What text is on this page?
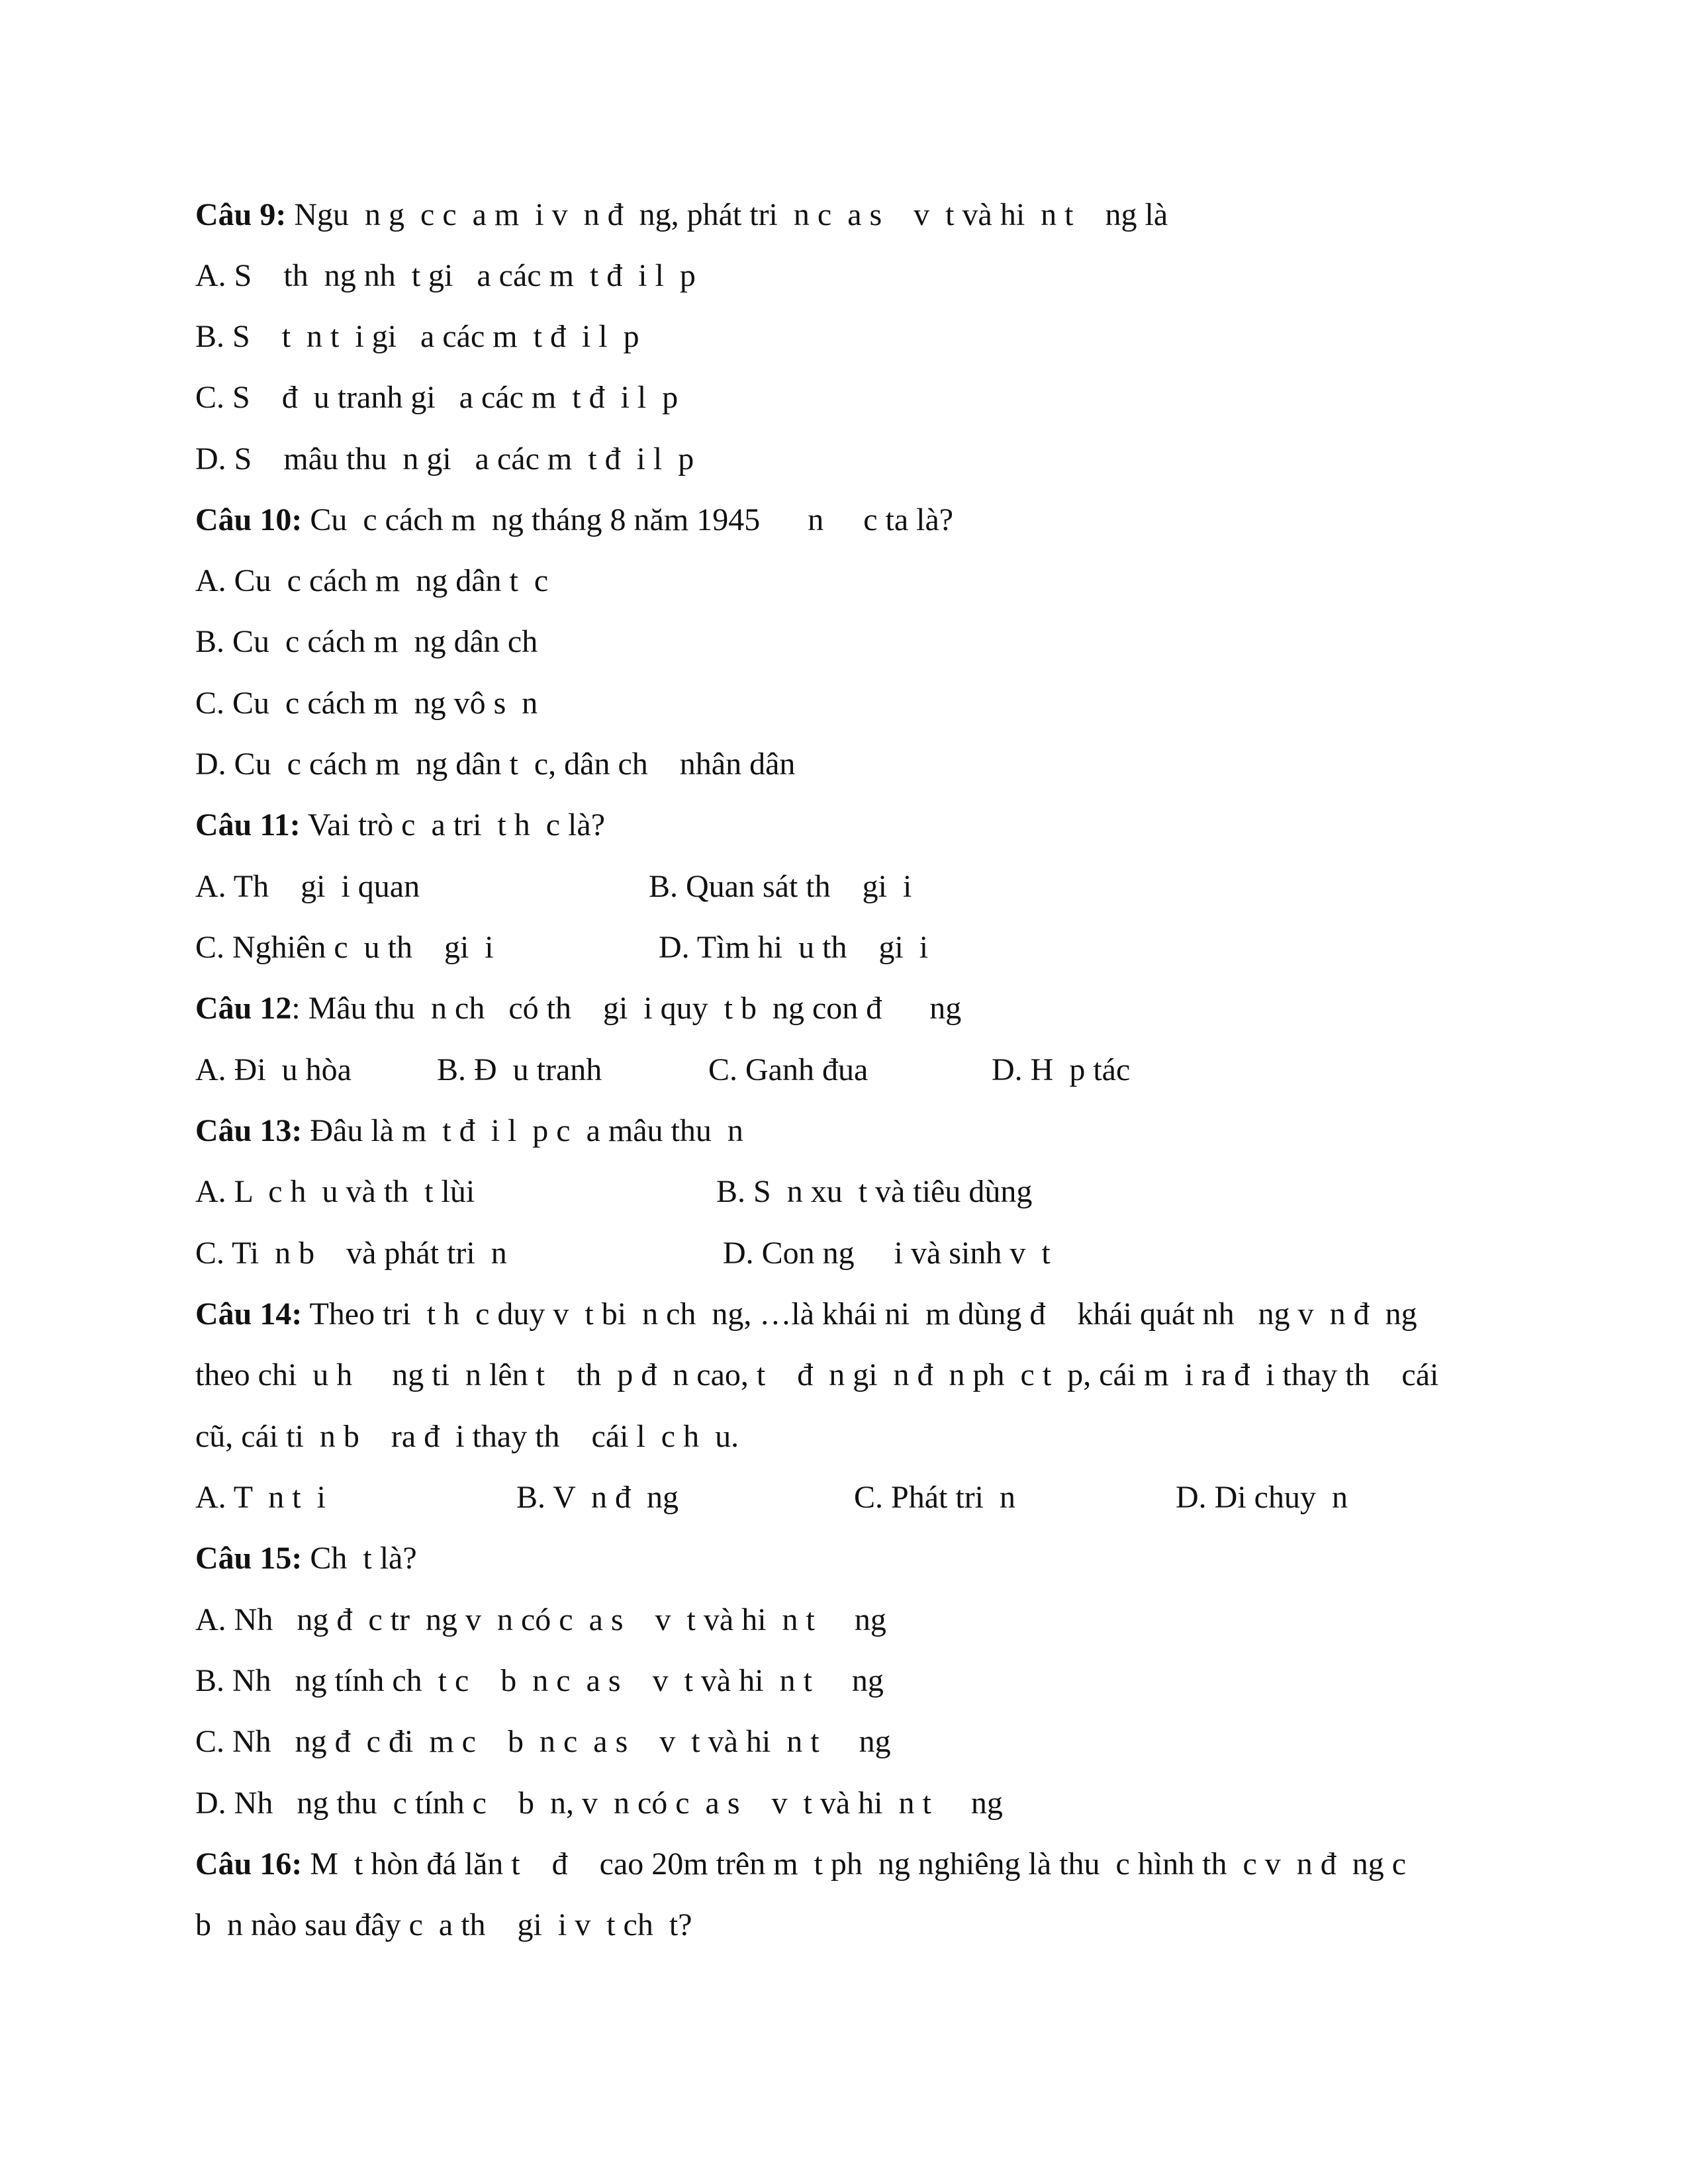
Câu 9: Ngu  n g  c c  a m  i v  n đ  ng, phát tri  n c  a s    v  t và hi  n t    ng là
A. S    th  ng nh  t gi   a các m  t đ  i l  p
B. S    t  n t  i gi   a các m  t đ  i l  p
C. S    đ  u tranh gi   a các m  t đ  i l  p
D. S    mâu thu  n gi   a các m  t đ  i l  p
Câu 10: Cu  c cách m  ng tháng 8 năm 1945      n     c ta là?
A. Cu  c cách m  ng dân t  c
B. Cu  c cách m  ng dân ch
C. Cu  c cách m  ng vô s  n
D. Cu  c cách m  ng dân t  c, dân ch    nhân dân
Câu 11: Vai trò c  a tri  t h  c là?
A. Th    gi  i quan	B. Quan sát th    gi  i
C. Nghiên c  u th    gi  i	D. Tìm hi  u th    gi  i
Câu 12: Mâu thu  n ch   có th    gi  i quy  t b  ng con đ      ng
A. Đi  u hòa	B. Đ  u tranh	C. Ganh đua	D. H  p tác
Câu 13: Đâu là m  t đ  i l  p c  a mâu thu  n
A. L  c h  u và th  t lùi	B. S  n xu  t và tiêu dùng
C. Ti  n b    và phát tri  n	D. Con ng     i và sinh v  t
Câu 14: Theo tri  t h  c duy v  t bi  n ch  ng, …là khái ni  m dùng đ    khái quát nh   ng v  n đ  ng
theo chi  u h     ng ti  n lên t    th  p đ  n cao, t    đ  n gi  n đ  n ph  c t  p, cái m  i ra đ  i thay th    cái
cũ, cái ti  n b    ra đ  i thay th    cái l  c h  u.
A. T  n t  i	B. V  n đ  ng	C. Phát tri  n	D. Di chuy  n
Câu 15: Ch  t là?
A. Nh   ng đ  c tr  ng v  n có c  a s    v  t và hi  n t     ng
B. Nh   ng tính ch  t c    b  n c  a s    v  t và hi  n t     ng
C. Nh   ng đ  c đi  m c    b  n c  a s    v  t và hi  n t     ng
D. Nh   ng thu  c tính c    b  n, v  n có c  a s    v  t và hi  n t     ng
Câu 16: M  t hòn đá lăn t    đ    cao 20m trên m  t ph  ng nghiêng là thu  c hình th  c v  n đ  ng c
b  n nào sau đây c  a th    gi  i v  t ch  t?
